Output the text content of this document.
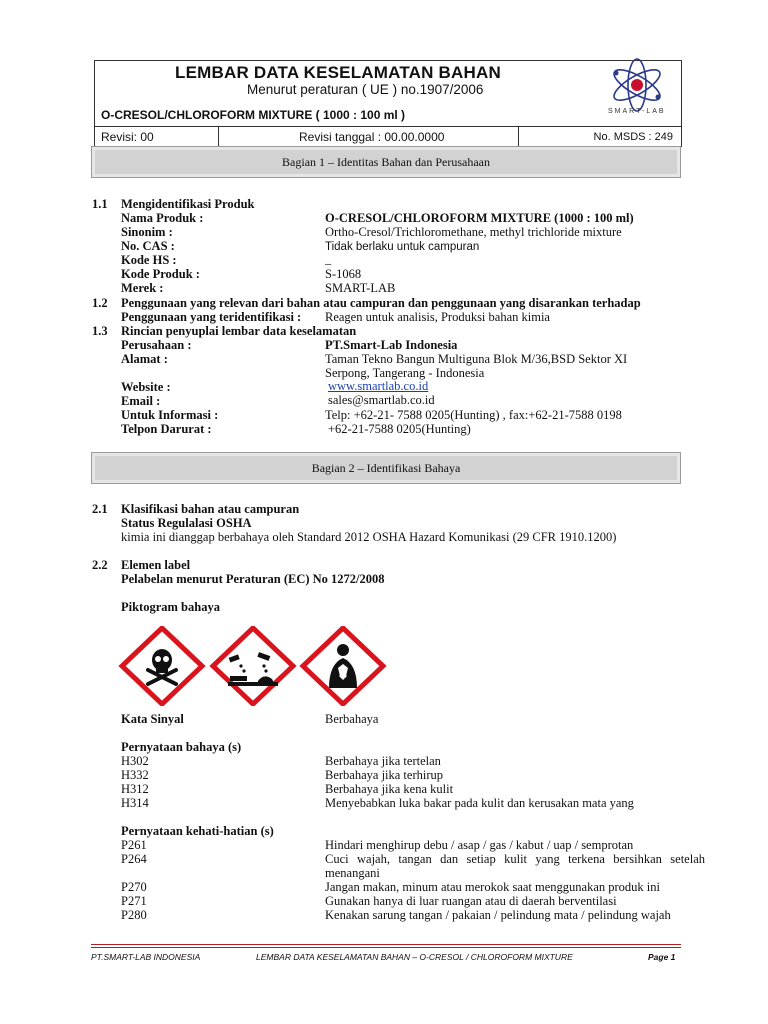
LEMBAR DATA KESELAMATAN BAHAN
Menurut peraturan ( UE ) no.1907/2006
O-CRESOL/CHLOROFORM MIXTURE ( 1000 : 100 ml )
Revisi: 00	Revisi tanggal : 00.00.0000	No. MSDS : 249
SMART-LAB
Bagian 1 – Identitas Bahan dan Perusahaan
1.1 Mengidentifikasi Produk
Nama Produk :	O-CRESOL/CHLOROFORM MIXTURE (1000 : 100 ml)
Sinonim :	Ortho-Cresol/Trichloromethane, methyl trichloride mixture
No. CAS :	Tidak berlaku untuk campuran
Kode HS :	_
Kode Produk :	S-1068
Merek :	SMART-LAB
1.2 Penggunaan yang relevan dari bahan atau campuran dan penggunaan yang disarankan terhadap
Penggunaan yang teridentifikasi : Reagen untuk analisis, Produksi bahan kimia
1.3 Rincian penyuplai lembar data keselamatan
Perusahaan :	PT.Smart-Lab Indonesia
Alamat :	Taman Tekno Bangun Multiguna Blok M/36,BSD Sektor XI
Serpong, Tangerang - Indonesia
Website :	www.smartlab.co.id
Email :	sales@smartlab.co.id
Untuk Informasi :	Telp: +62-21- 7588 0205(Hunting) , fax:+62-21-7588 0198
Telpon Darurat :	+62-21-7588 0205(Hunting)
Bagian 2 – Identifikasi Bahaya
2.1 Klasifikasi bahan atau campuran
Status Regulalasi OSHA
kimia ini dianggap berbahaya oleh Standard 2012 OSHA Hazard Komunikasi (29 CFR 1910.1200)
2.2 Elemen label
Pelabelan menurut Peraturan (EC) No 1272/2008
Piktogram bahaya
Kata Sinyal	Berbahaya
Pernyataan bahaya (s)
H302	Berbahaya jika tertelan
H332	Berbahaya jika terhirup
H312	Berbahaya jika kena kulit
H314	Menyebabkan luka bakar pada kulit dan kerusakan mata yang
Pernyataan kehati-hatian (s)
P261	Hindari menghirup debu / asap / gas / kabut / uap / semprotan
P264	Cuci wajah, tangan dan setiap kulit yang terkena bersihkan setelah menangani
P270	Jangan makan, minum atau merokok saat menggunakan produk ini
P271	Gunakan hanya di luar ruangan atau di daerah berventilasi
P280	Kenakan sarung tangan / pakaian / pelindung mata / pelindung wajah
PT.SMART-LAB INDONESIA	LEMBAR DATA KESELAMATAN BAHAN – O-CRESOL / CHLOROFORM MIXTURE	Page 1
